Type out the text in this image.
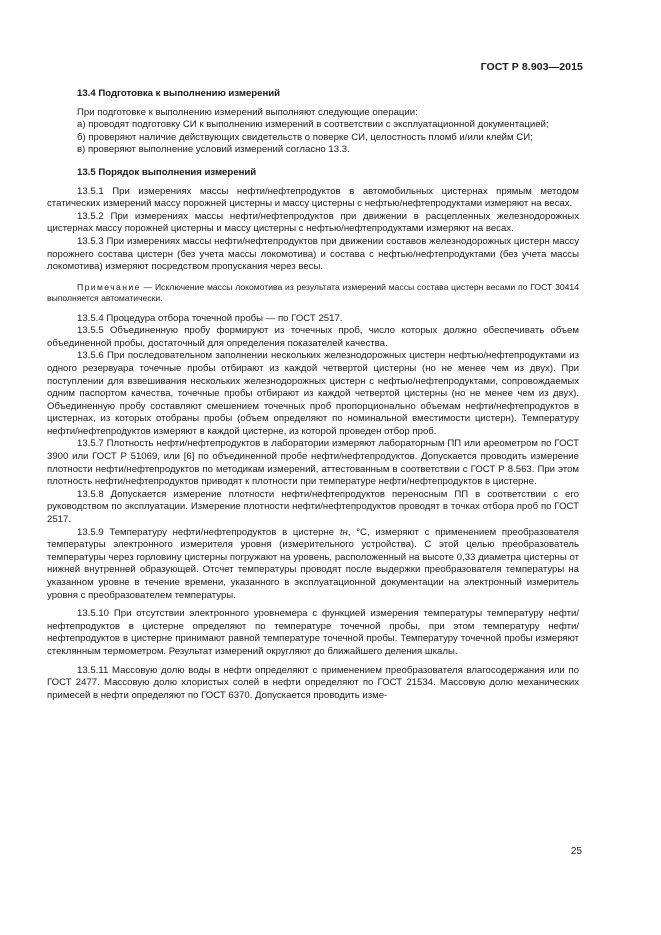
ГОСТ Р 8.903—2015
13.4 Подготовка к выполнению измерений

При подготовке к выполнению измерений выполняют следующие операции:

а) проводят подготовку СИ к выполнению измерений в соответствии с эксплуатационной документацией;

б) проверяют наличие действующих свидетельств о поверке СИ, целостность пломб и/или клейм СИ;

в) проверяют выполнение условий измерений согласно 13.3.

13.5 Порядок выполнения измерений

13.5.1 При измерениях массы нефти/нефтепродуктов в автомобильных цистернах прямым методом статических измерений массу порожней цистерны и массу цистерны с нефтью/нефтепродуктами измеряют на весах.

13.5.2 При измерениях массы нефти/нефтепродуктов при движении в расцепленных железнодорожных цистернах массу порожней цистерны и массу цистерны с нефтью/нефтепродуктами измеряют на весах.

13.5.3 При измерениях массы нефти/нефтепродуктов при движении составов железнодорожных цистерн массу порожнего состава цистерн (без учета массы локомотива) и состава с нефтью/нефтепродуктами (без учета массы локомотива) измеряют посредством пропускания через весы.

Примечание — Исключение массы локомотива из результата измерений массы состава цистерн весами по ГОСТ 30414 выполняется автоматически.

13.5.4 Процедура отбора точечной пробы — по ГОСТ 2517.

13.5.5 Объединенную пробу формируют из точечных проб, число которых должно обеспечивать объем объединенной пробы, достаточный для определения показателей качества.

13.5.6 При последовательном заполнении нескольких железнодорожных цистерн нефтью/нефтепродуктами из одного резервуара точечные пробы отбирают из каждой четвертой цистерны (но не менее чем из двух). При поступлении для взвешивания нескольких железнодорожных цистерн с нефтью/нефтепродуктами, сопровождаемых одним паспортом качества, точечные пробы отбирают из каждой четвертой цистерны (но не менее чем из двух). Объединенную пробу составляют смешением точечных проб пропорционально объемам нефти/нефтепродуктов в цистернах, из которых отобраны пробы (объем определяют по номинальной вместимости цистерн). Температуру нефти/нефтепродуктов измеряют в каждой цистерне, из которой проведен отбор проб.

13.5.7 Плотность нефти/нефтепродуктов в лаборатории измеряют лабораторным ПП или ареометром по ГОСТ 3900 или ГОСТ Р 51069, или [6] по объединенной пробе нефти/нефтепродуктов. Допускается проводить измерение плотности нефти/нефтепродуктов по методикам измерений, аттестованным в соответствии с ГОСТ Р 8.563. При этом плотность нефти/нефтепродуктов приводят к плотности при температуре нефти/нефтепродуктов в цистерне.

13.5.8 Допускается измерение плотности нефти/нефтепродуктов переносным ПП в соответствии с его руководством по эксплуатации. Измерение плотности нефти/нефтепродуктов проводят в точках отбора проб по ГОСТ 2517.

13.5.9 Температуру нефти/нефтепродуктов в цистерне tн, °С, измеряют с применением преобразователя температуры электронного измерителя уровня (измерительного устройства). С этой целью преобразователь температуры через горловину цистерны погружают на уровень, расположенный на высоте 0,33 диаметра цистерны от нижней внутренней образующей. Отсчет температуры проводят после выдержки преобразователя температуры на указанном уровне в течение времени, указанного в эксплуатационной документации на электронный измеритель уровня с преобразователем температуры.

13.5.10 При отсутствии электронного уровнемера с функцией измерения температуры температуру нефти/нефтепродуктов в цистерне определяют по температуре точечной пробы, при этом температуру нефти/нефтепродуктов в цистерне принимают равной температуре точечной пробы. Температуру точечной пробы измеряют стеклянным термометром. Результат измерений округляют до ближайшего деления шкалы.

13.5.11 Массовую долю воды в нефти определяют с применением преобразователя влагосодержания или по ГОСТ 2477. Массовую долю хлористых солей в нефти определяют по ГОСТ 21534. Массовую долю механических примесей в нефти определяют по ГОСТ 6370. Допускается проводить изме-

25
